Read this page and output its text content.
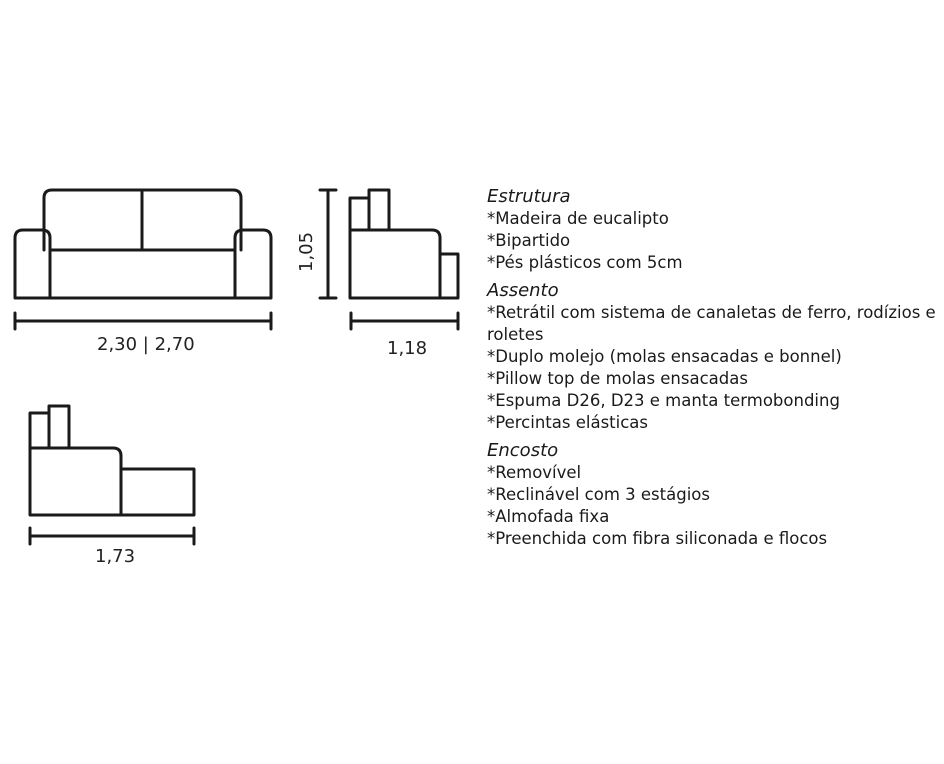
2,30 | 2,70
1,05
1,18
1,73
Estrutura
*Madeira de eucalipto
*Bipartido
*Pés plásticos com 5cm
Assento
*Retrátil com sistema de canaletas de ferro, rodízios e roletes
*Duplo molejo (molas ensacadas e bonnel)
*Pillow top de molas ensacadas
*Espuma D26, D23 e manta termobonding
*Percintas elásticas
Encosto
*Removível
*Reclinável com 3 estágios
*Almofada fixa
*Preenchida com fibra siliconada e flocos
